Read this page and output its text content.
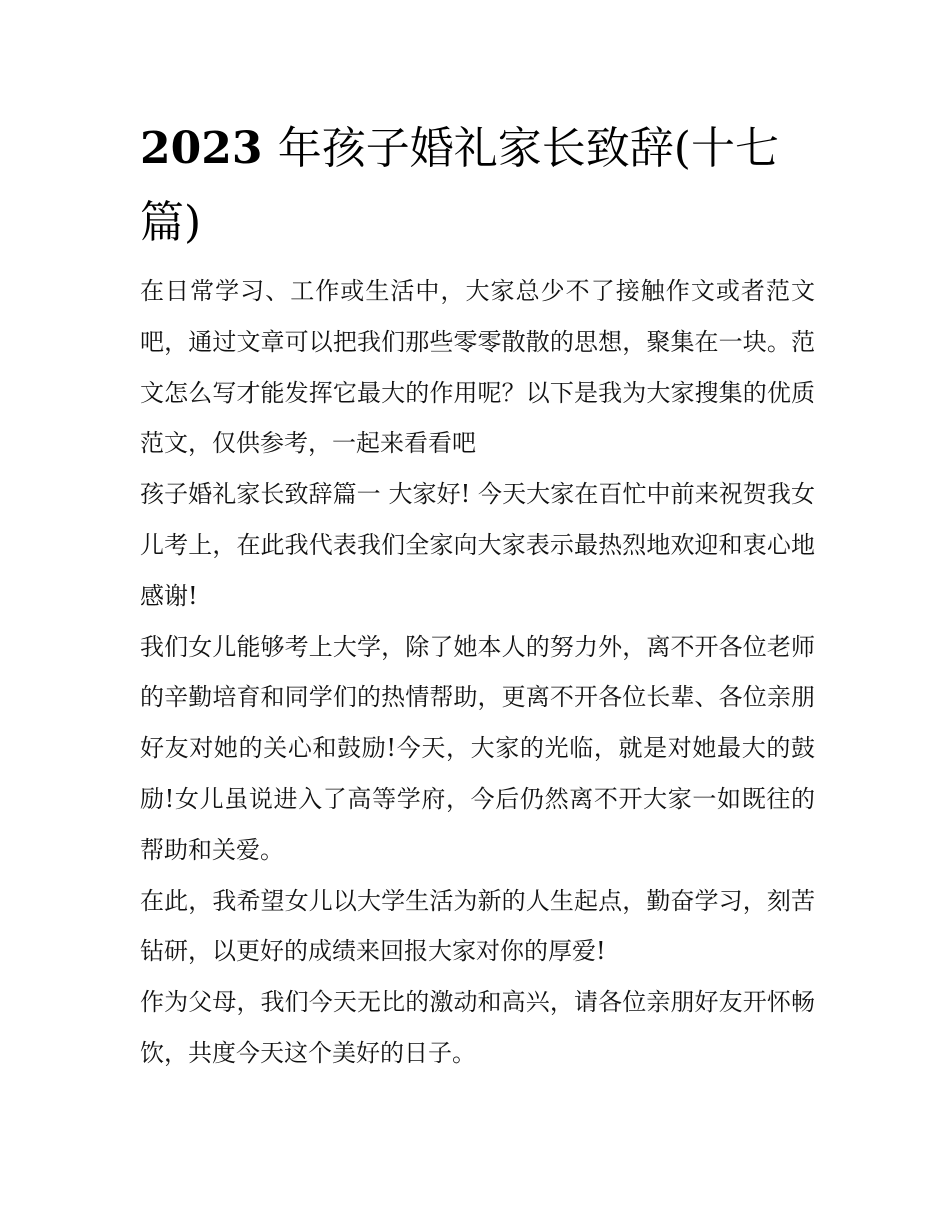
2023 年孩子婚礼家长致辞(十七篇)

在日常学习、工作或生活中，大家总少不了接触作文或者范文吧，通过文章可以把我们那些零零散散的思想，聚集在一块。范文怎么写才能发挥它最大的作用呢？以下是我为大家搜集的优质范文，仅供参考，一起来看看吧

孩子婚礼家长致辞篇一 大家好! 今天大家在百忙中前来祝贺我女儿考上，在此我代表我们全家向大家表示最热烈地欢迎和衷心地感谢!

我们女儿能够考上大学，除了她本人的努力外，离不开各位老师的辛勤培育和同学们的热情帮助，更离不开各位长辈、各位亲朋好友对她的关心和鼓励!今天，大家的光临，就是对她最大的鼓励!女儿虽说进入了高等学府，今后仍然离不开大家一如既往的帮助和关爱。

在此，我希望女儿以大学生活为新的人生起点，勤奋学习，刻苦钻研，以更好的成绩来回报大家对你的厚爱!

作为父母，我们今天无比的激动和高兴，请各位亲朋好友开怀畅饮，共度今天这个美好的日子。
